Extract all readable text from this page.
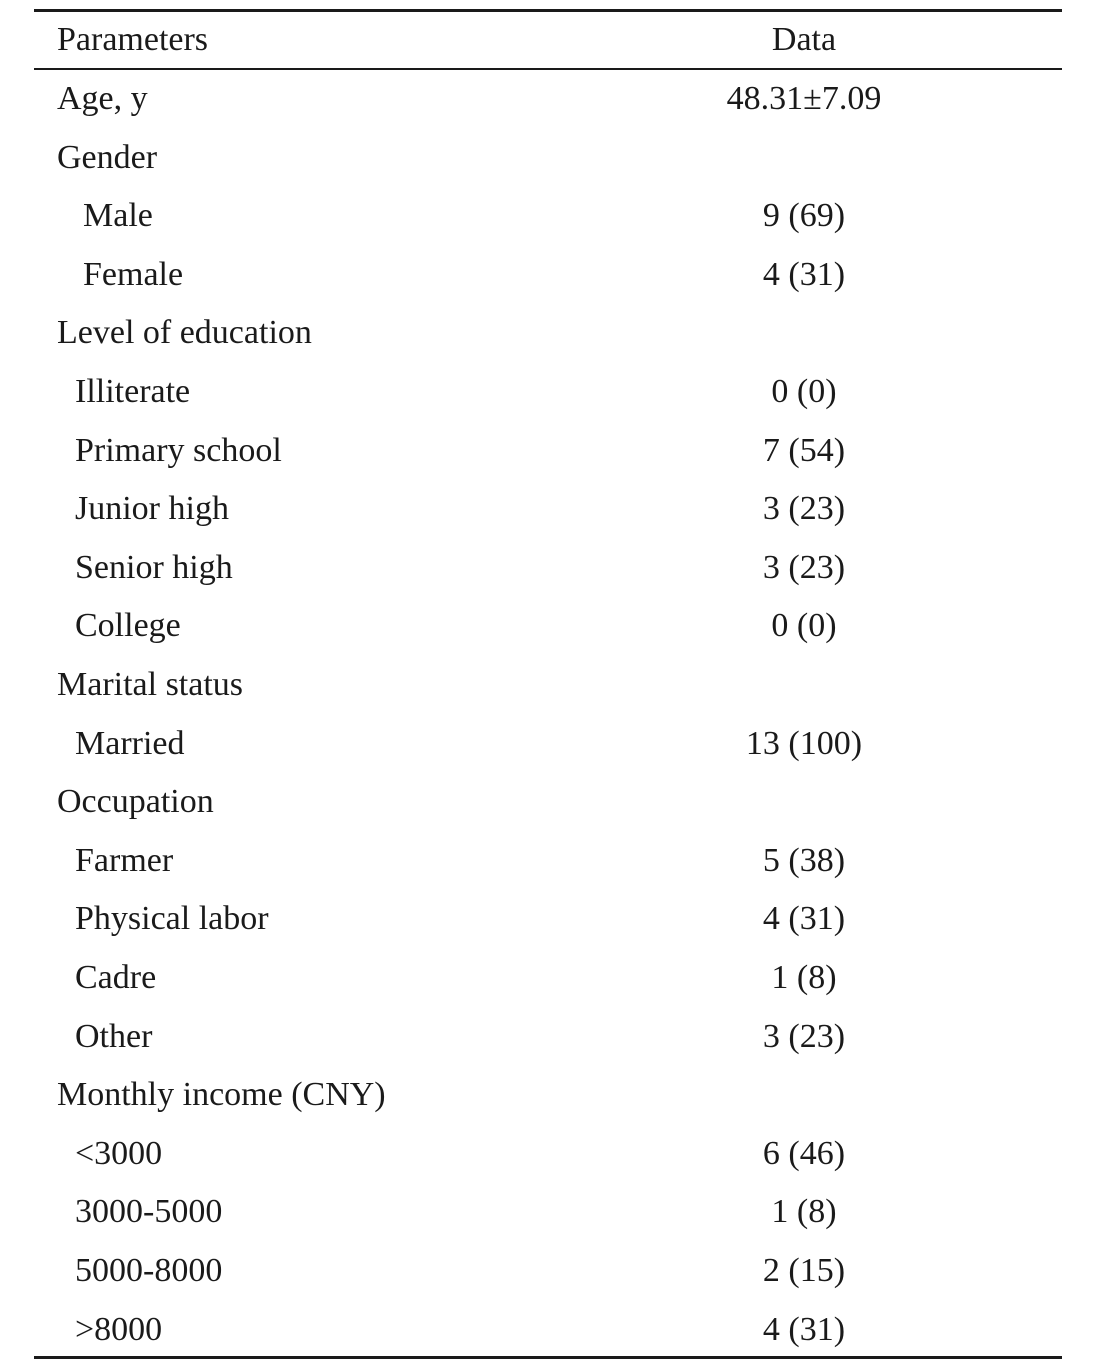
Parameters	Data
Age, y	48.31±7.09
Gender
Male	9 (69)
Female	4 (31)
Level of education
Illiterate	0 (0)
Primary school	7 (54)
Junior high	3 (23)
Senior high	3 (23)
College	0 (0)
Marital status
Married	13 (100)
Occupation
Farmer	5 (38)
Physical labor	4 (31)
Cadre	1 (8)
Other	3 (23)
Monthly income (CNY)
<3000	6 (46)
3000-5000	1 (8)
5000-8000	2 (15)
>8000	4 (31)
